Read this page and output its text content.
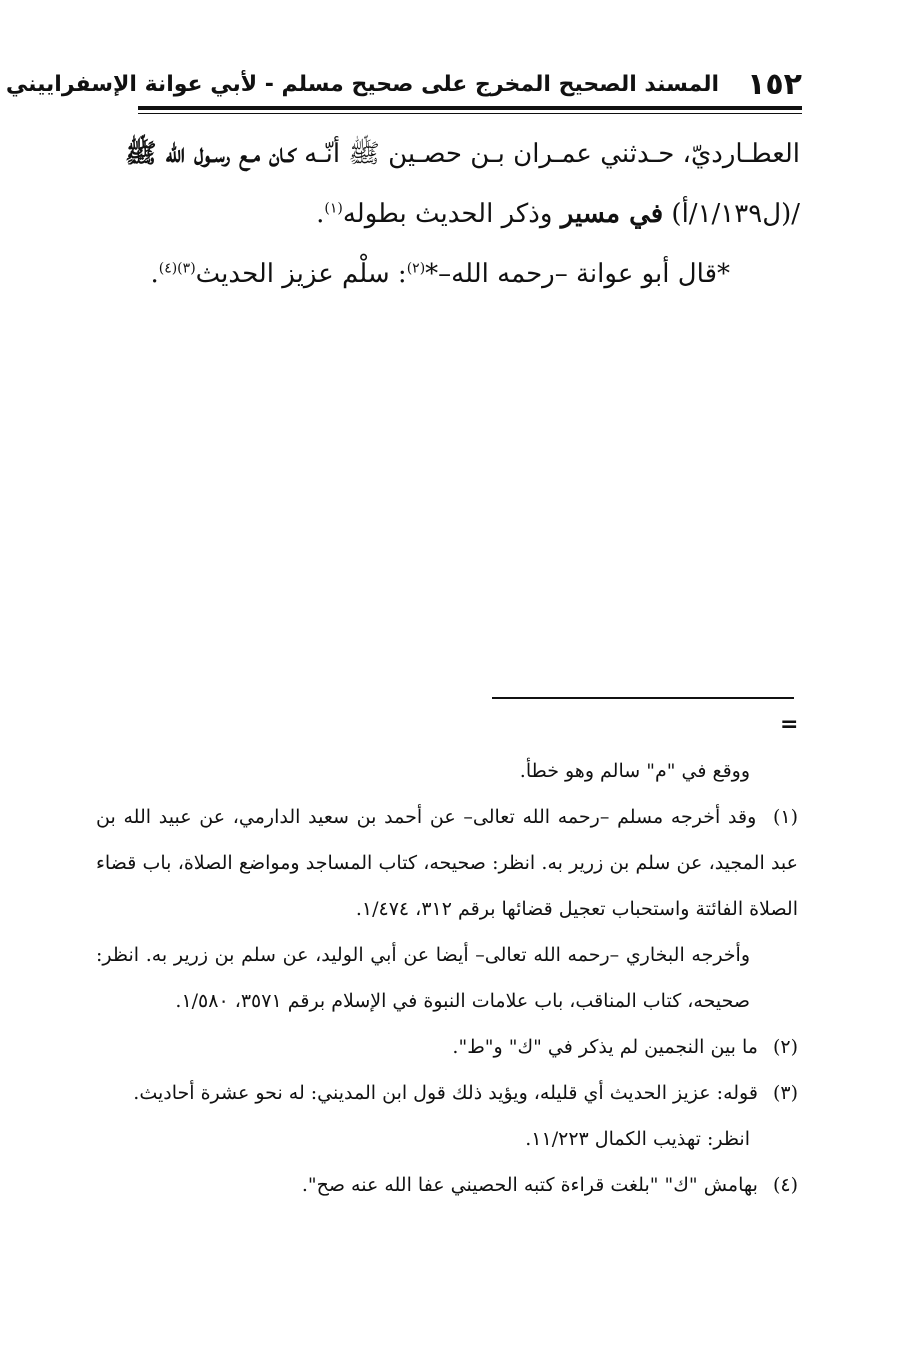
١٥٢
المسند الصحيح المخرج على صحيح مسلم - لأبي عوانة الإسفراييني

العطـارديّ، حـدثني عمـران بـن حصـين ﷺ أنّـه كـان مـع رسـول الله ﷺ

/(ل١/١٣٩/أ) في مسير وذكر الحديث بطوله$^{(١)}$.

*قال أبو عوانة –رحمه الله–*$^{(٢)}$: سلْم عزيز الحديث$^{(٣)(٤)}$.

=

ووقع في "م" سالم وهو خطأ.

(١) وقد أخرجه مسلم –رحمه الله تعالى– عن أحمد بن سعيد الدارمي، عن عبيد الله بن عبد المجيد، عن سلم بن زرير به. انظر: صحيحه، كتاب المساجد ومواضع الصلاة، باب قضاء الصلاة الفائتة واستحباب تعجيل قضائها برقم ٣١٢، ١/٤٧٤.

وأخرجه البخاري –رحمه الله تعالى– أيضا عن أبي الوليد، عن سلم بن زرير به. انظر: صحيحه، كتاب المناقب، باب علامات النبوة في الإسلام برقم ٣٥٧١، ١/٥٨٠.

(٢) ما بين النجمين لم يذكر في "ك" و"ط".

(٣) قوله: عزيز الحديث أي قليله، ويؤيد ذلك قول ابن المديني: له نحو عشرة أحاديث.

انظر: تهذيب الكمال ١١/٢٢٣.

(٤) بهامش "ك" "بلغت قراءة كتبه الحصيني عفا الله عنه صح".
